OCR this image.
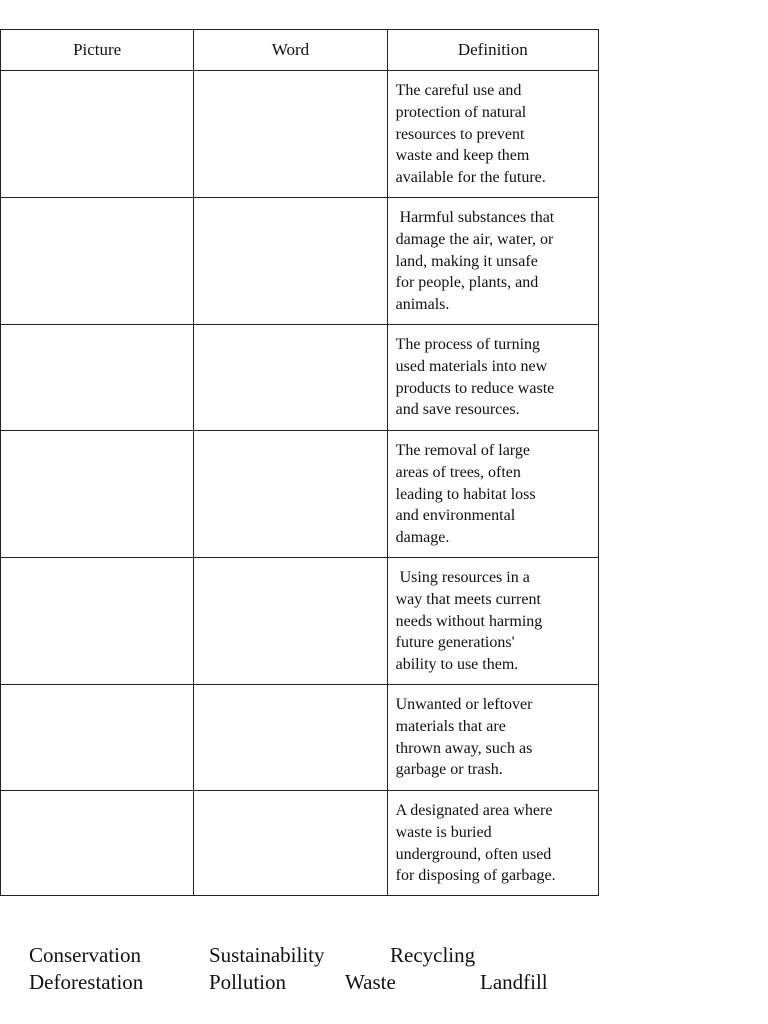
Picture	Word	Definition

		The careful use and
protection of natural
resources to prevent
waste and keep them
available for the future.

		Harmful substances that
damage the air, water, or
land, making it unsafe
for people, plants, and
animals.

		The process of turning
used materials into new
products to reduce waste
and save resources.

		The removal of large
areas of trees, often
leading to habitat loss
and environmental
damage.

		Using resources in a
way that meets current
needs without harming
future generations'
ability to use them.

		Unwanted or leftover
materials that are
thrown away, such as
garbage or trash.

		A designated area where
waste is buried
underground, often used
for disposing of garbage.
Conservation	Sustainability	Recycling
Deforestation	Pollution	Waste	Landfill
